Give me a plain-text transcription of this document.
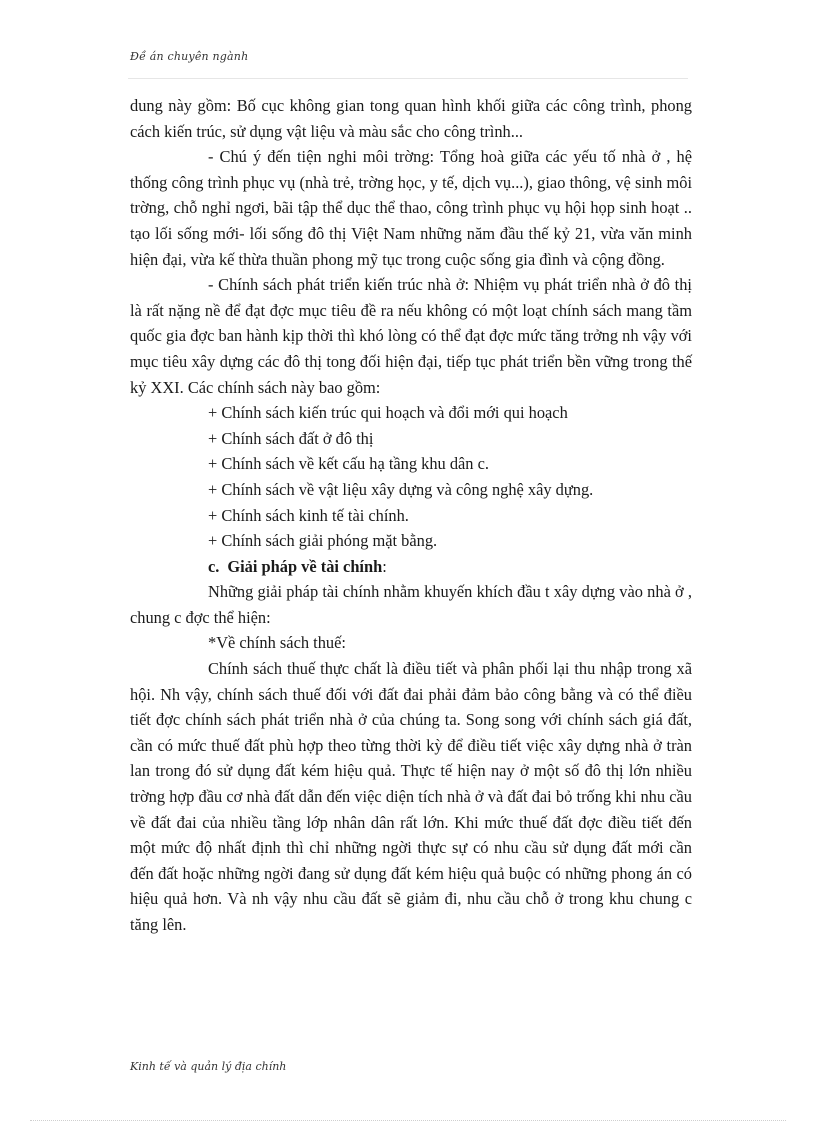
Đề án chuyên ngành

dung này gồm: Bố cục không gian tong quan hình khối giữa các công trình, phong cách kiến trúc, sử dụng vật liệu và màu sắc cho công trình...

- Chú ý đến tiện nghi môi trờng: Tổng hoà giữa các yếu tố nhà ở , hệ thống công trình phục vụ (nhà trẻ, trờng học, y tế, dịch vụ...), giao thông, vệ sinh môi trờng, chỗ nghỉ ngơi, bãi tập thể dục thể thao, công trình phục vụ hội họp sinh hoạt .. tạo lối sống mới- lối sống đô thị Việt Nam những năm đầu thế kỷ 21, vừa văn minh hiện đại, vừa kế thừa thuần phong mỹ tục trong cuộc sống gia đình và cộng đồng.

- Chính sách phát triển kiến trúc nhà ở: Nhiệm vụ phát triển nhà ở đô thị là rất nặng nề để đạt đợc mục tiêu đề ra nếu không có một loạt chính sách mang tầm quốc gia đợc ban hành kịp thời thì khó lòng có thể đạt đợc mức tăng trởng nh vậy với mục tiêu xây dựng các đô thị tong đối hiện đại, tiếp tục phát triển bền vững trong thế kỷ XXI. Các chính sách này bao gồm:

+ Chính sách kiến trúc qui hoạch và đổi mới qui hoạch

+ Chính sách đất ở đô thị

+ Chính sách về kết cấu hạ tầng khu dân c.

+ Chính sách về vật liệu xây dựng và công nghệ xây dựng.

+ Chính sách kinh tế tài chính.

+ Chính sách giải phóng mặt bằng.

c. Giải pháp về tài chính:

Những giải pháp tài chính nhằm khuyến khích đầu t xây dựng vào nhà ở , chung c đợc thể hiện:

*Về chính sách thuế:

Chính sách thuế thực chất là điều tiết và phân phối lại thu nhập trong xã hội. Nh vậy, chính sách thuế đối với đất đai phải đảm bảo công bằng và có thể điều tiết đợc chính sách phát triển nhà ở của chúng ta. Song song với chính sách giá đất, cần có mức thuế đất phù hợp theo từng thời kỳ để điều tiết việc xây dựng nhà ở tràn lan trong đó sử dụng đất kém hiệu quả. Thực tế hiện nay ở một số đô thị lớn nhiều trờng hợp đầu cơ nhà đất dẫn đến việc diện tích nhà ở và đất đai bỏ trống khi nhu cầu về đất đai của nhiều tầng lớp nhân dân rất lớn. Khi mức thuế đất đợc điều tiết đến một mức độ nhất định thì chỉ những ngời thực sự có nhu cầu sử dụng đất mới cần đến đất hoặc những ngời đang sử dụng đất kém hiệu quả buộc có những phong án có hiệu quả hơn. Và nh vậy nhu cầu đất sẽ giảm đi, nhu cầu chỗ ở trong khu chung c tăng lên.

Kinh tế và quản lý địa chính
